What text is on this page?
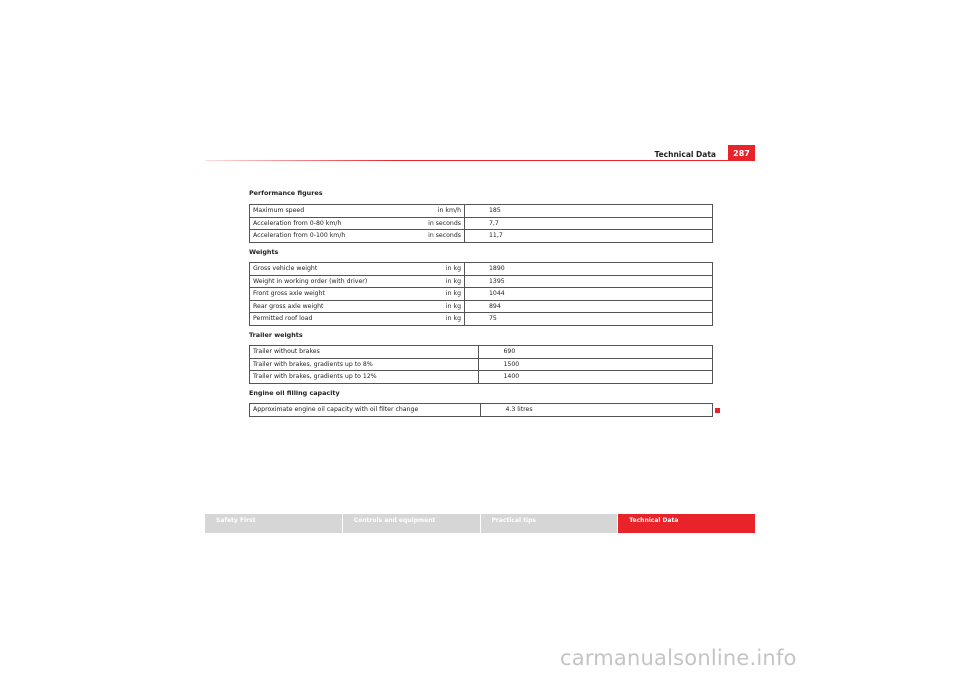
Technical Data	287
Performance figures
Maximum speed	in km/h	185
Acceleration from 0-80 km/h	in seconds	7,7
Acceleration from 0-100 km/h	in seconds	11,7
Weights
Gross vehicle weight	in kg	1890
Weight in working order (with driver)	in kg	1395
Front gross axle weight	in kg	1044
Rear gross axle weight	in kg	894
Permitted roof load	in kg	75
Trailer weights
Trailer without brakes	690
Trailer with brakes, gradients up to 8%	1500
Trailer with brakes, gradients up to 12%	1400
Engine oil filling capacity
Approximate engine oil capacity with oil filter change	4.3 litres
Safety First	Controls and equipment	Practical tips	Technical Data
carmanualsonline.info
